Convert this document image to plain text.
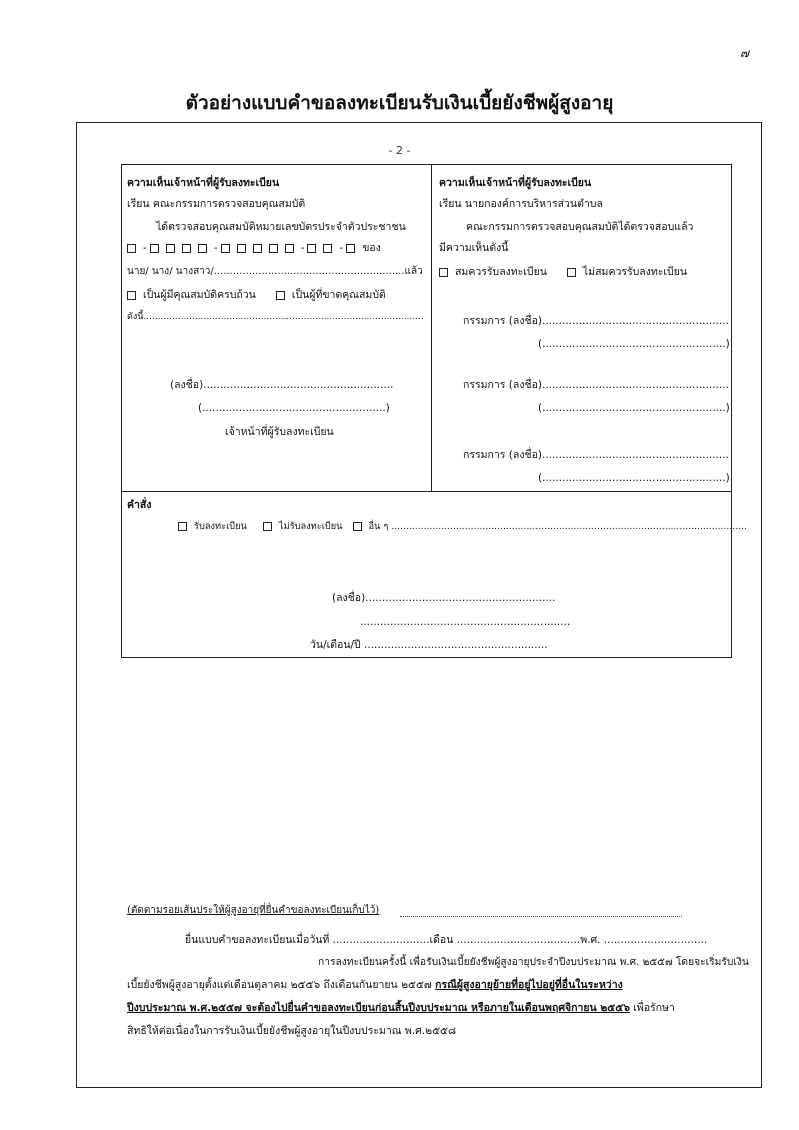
๗
ตัวอย่างแบบคำขอลงทะเบียนรับเงินเบี้ยยังชีพผู้สูงอายุ
- 2 -
ความเห็นเจ้าหน้าที่ผู้รับลงทะเบียน
เรียน คณะกรรมการตรวจสอบคุณสมบัติ
ได้ตรวจสอบคุณสมบัติหมายเลขบัตรประจำตัวประชาชน
-	-	-	- ของ
นาย/ นาง/ นางสาว/............................................................แล้ว
เป็นผู้มีคุณสมบัติครบถ้วน	เป็นผู้ที่ขาดคุณสมบัติ
ดังนี้..................................................................................................
(ลงชื่อ).........................................................
(.......................................................)
เจ้าหน้าที่ผู้รับลงทะเบียน
ความเห็นเจ้าหน้าที่ผู้รับลงทะเบียน
เรียน นายกองค์การบริหารส่วนตำบล
คณะกรรมการตรวจสอบคุณสมบัติได้ตรวจสอบแล้ว
มีความเห็นดังนี้
สมควรรับลงทะเบียน	ไม่สมควรรับลงทะเบียน
กรรมการ (ลงชื่อ)........................................................
(.......................................................)
กรรมการ (ลงชื่อ)........................................................
(.......................................................)
กรรมการ (ลงชื่อ)........................................................
(.......................................................)
คำสั่ง
รับลงทะเบียน	ไม่รับลงทะเบียน	อื่น ๆ .........................................................................................................................
(ลงชื่อ).........................................................
...............................................................
วัน/เดือน/ปี .......................................................
(ตัดตามรอยเส้นประให้ผู้สูงอายุที่ยื่นคำขอลงทะเบียนเก็บไว้)
ยื่นแบบคำขอลงทะเบียนเมื่อวันที่ .............................เดือน .....................................พ.ศ. ...............................
การลงทะเบียนครั้งนี้ เพื่อรับเงินเบี้ยยังชีพผู้สูงอายุประจำปีงบประมาณ พ.ศ. ๒๕๕๗ โดยจะเริ่มรับเงิน
เบี้ยยังชีพผู้สูงอายุตั้งแต่เดือนตุลาคม ๒๕๕๖ ถึงเดือนกันยายน ๒๕๕๗ กรณีผู้สูงอายุย้ายที่อยู่ไปอยู่ที่อื่นในระหว่าง
ปีงบประมาณ พ.ศ.๒๕๕๗ จะต้องไปยื่นคำขอลงทะเบียนก่อนสิ้นปีงบประมาณ หรือภายในเดือนพฤศจิกายน ๒๕๕๖ เพื่อรักษา
สิทธิให้ต่อเนื่องในการรับเงินเบี้ยยังชีพผู้สูงอายุในปีงบประมาณ พ.ศ.๒๕๕๘
